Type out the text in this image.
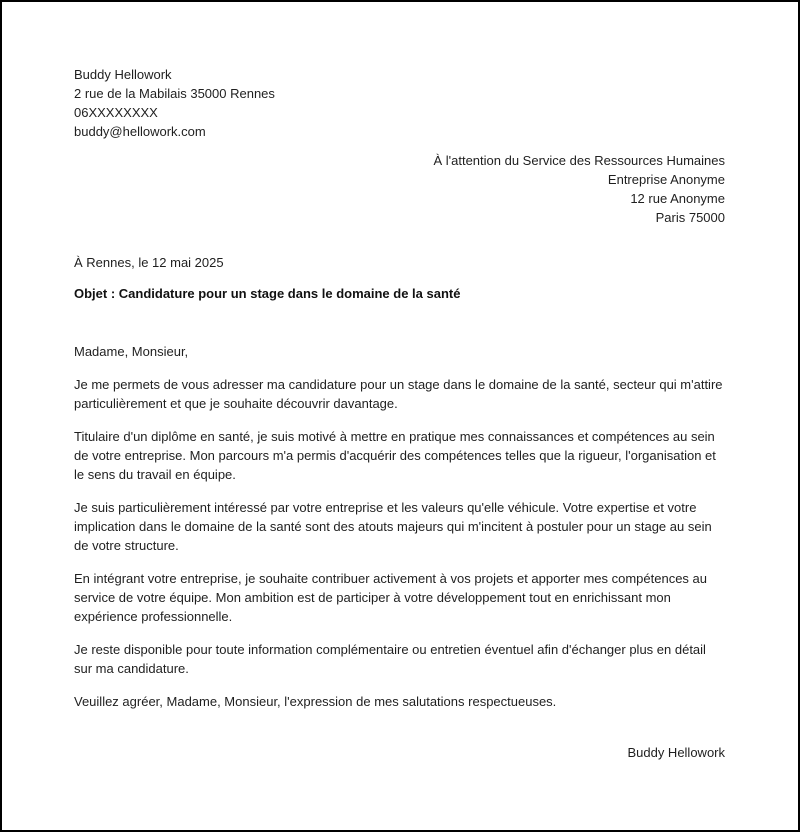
Buddy Hellowork
2 rue de la Mabilais 35000 Rennes
06XXXXXXXX
buddy@hellowork.com
À l'attention du Service des Ressources Humaines
Entreprise Anonyme
12 rue Anonyme
Paris 75000
À Rennes, le 12 mai 2025
Objet : Candidature pour un stage dans le domaine de la santé
Madame, Monsieur,

Je me permets de vous adresser ma candidature pour un stage dans le domaine de la santé, secteur qui m'attire particulièrement et que je souhaite découvrir davantage.

Titulaire d'un diplôme en santé, je suis motivé à mettre en pratique mes connaissances et compétences au sein de votre entreprise. Mon parcours m'a permis d'acquérir des compétences telles que la rigueur, l'organisation et le sens du travail en équipe.

Je suis particulièrement intéressé par votre entreprise et les valeurs qu'elle véhicule. Votre expertise et votre implication dans le domaine de la santé sont des atouts majeurs qui m'incitent à postuler pour un stage au sein de votre structure.

En intégrant votre entreprise, je souhaite contribuer activement à vos projets et apporter mes compétences au service de votre équipe. Mon ambition est de participer à votre développement tout en enrichissant mon expérience professionnelle.

Je reste disponible pour toute information complémentaire ou entretien éventuel afin d'échanger plus en détail sur ma candidature.

Veuillez agréer, Madame, Monsieur, l'expression de mes salutations respectueuses.

Buddy Hellowork
